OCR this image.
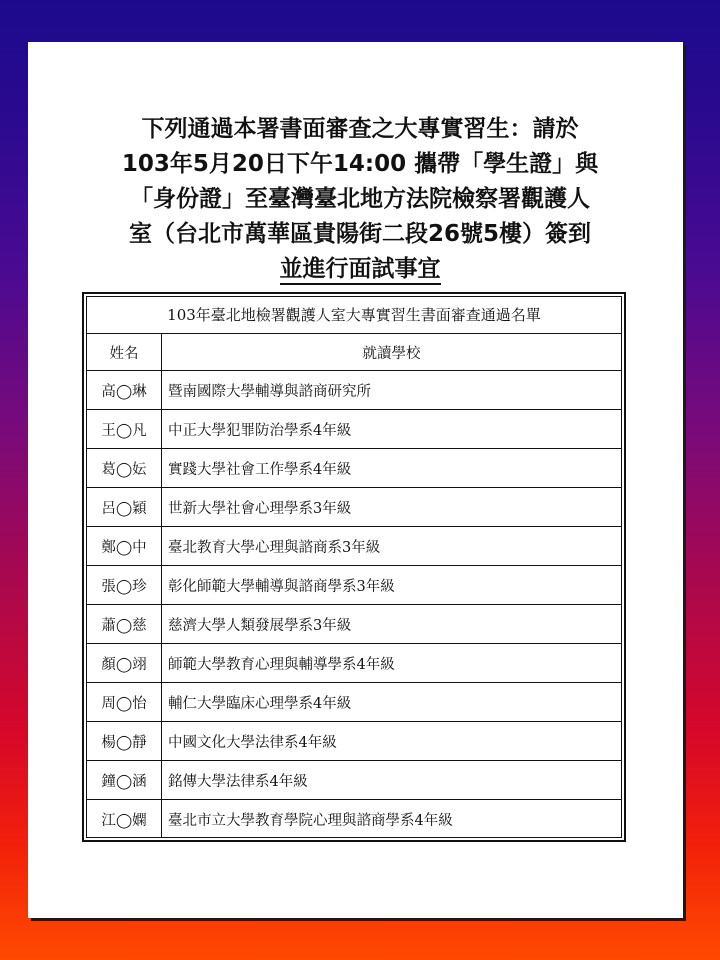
下列通過本署書面審查之大專實習生：請於
103年5月20日下午14:00 攜帶「學生證」與
「身份證」至臺灣臺北地方法院檢察署觀護人
室（台北市萬華區貴陽街二段26號5樓）簽到
並進行面試事宜
103年臺北地檢署觀護人室大專實習生書面審查通過名單
姓名	就讀學校
高◯琳	暨南國際大學輔導與諮商研究所
王◯凡	中正大學犯罪防治學系4年級
葛◯妘	實踐大學社會工作學系4年級
呂◯穎	世新大學社會心理學系3年級
鄭◯中	臺北教育大學心理與諮商系3年級
張◯珍	彰化師範大學輔導與諮商學系3年級
蕭◯慈	慈濟大學人類發展學系3年級
顏◯翊	師範大學教育心理與輔導學系4年級
周◯怡	輔仁大學臨床心理學系4年級
楊◯靜	中國文化大學法律系4年級
鐘◯涵	銘傳大學法律系4年級
江◯嫻	臺北市立大學教育學院心理與諮商學系4年級
